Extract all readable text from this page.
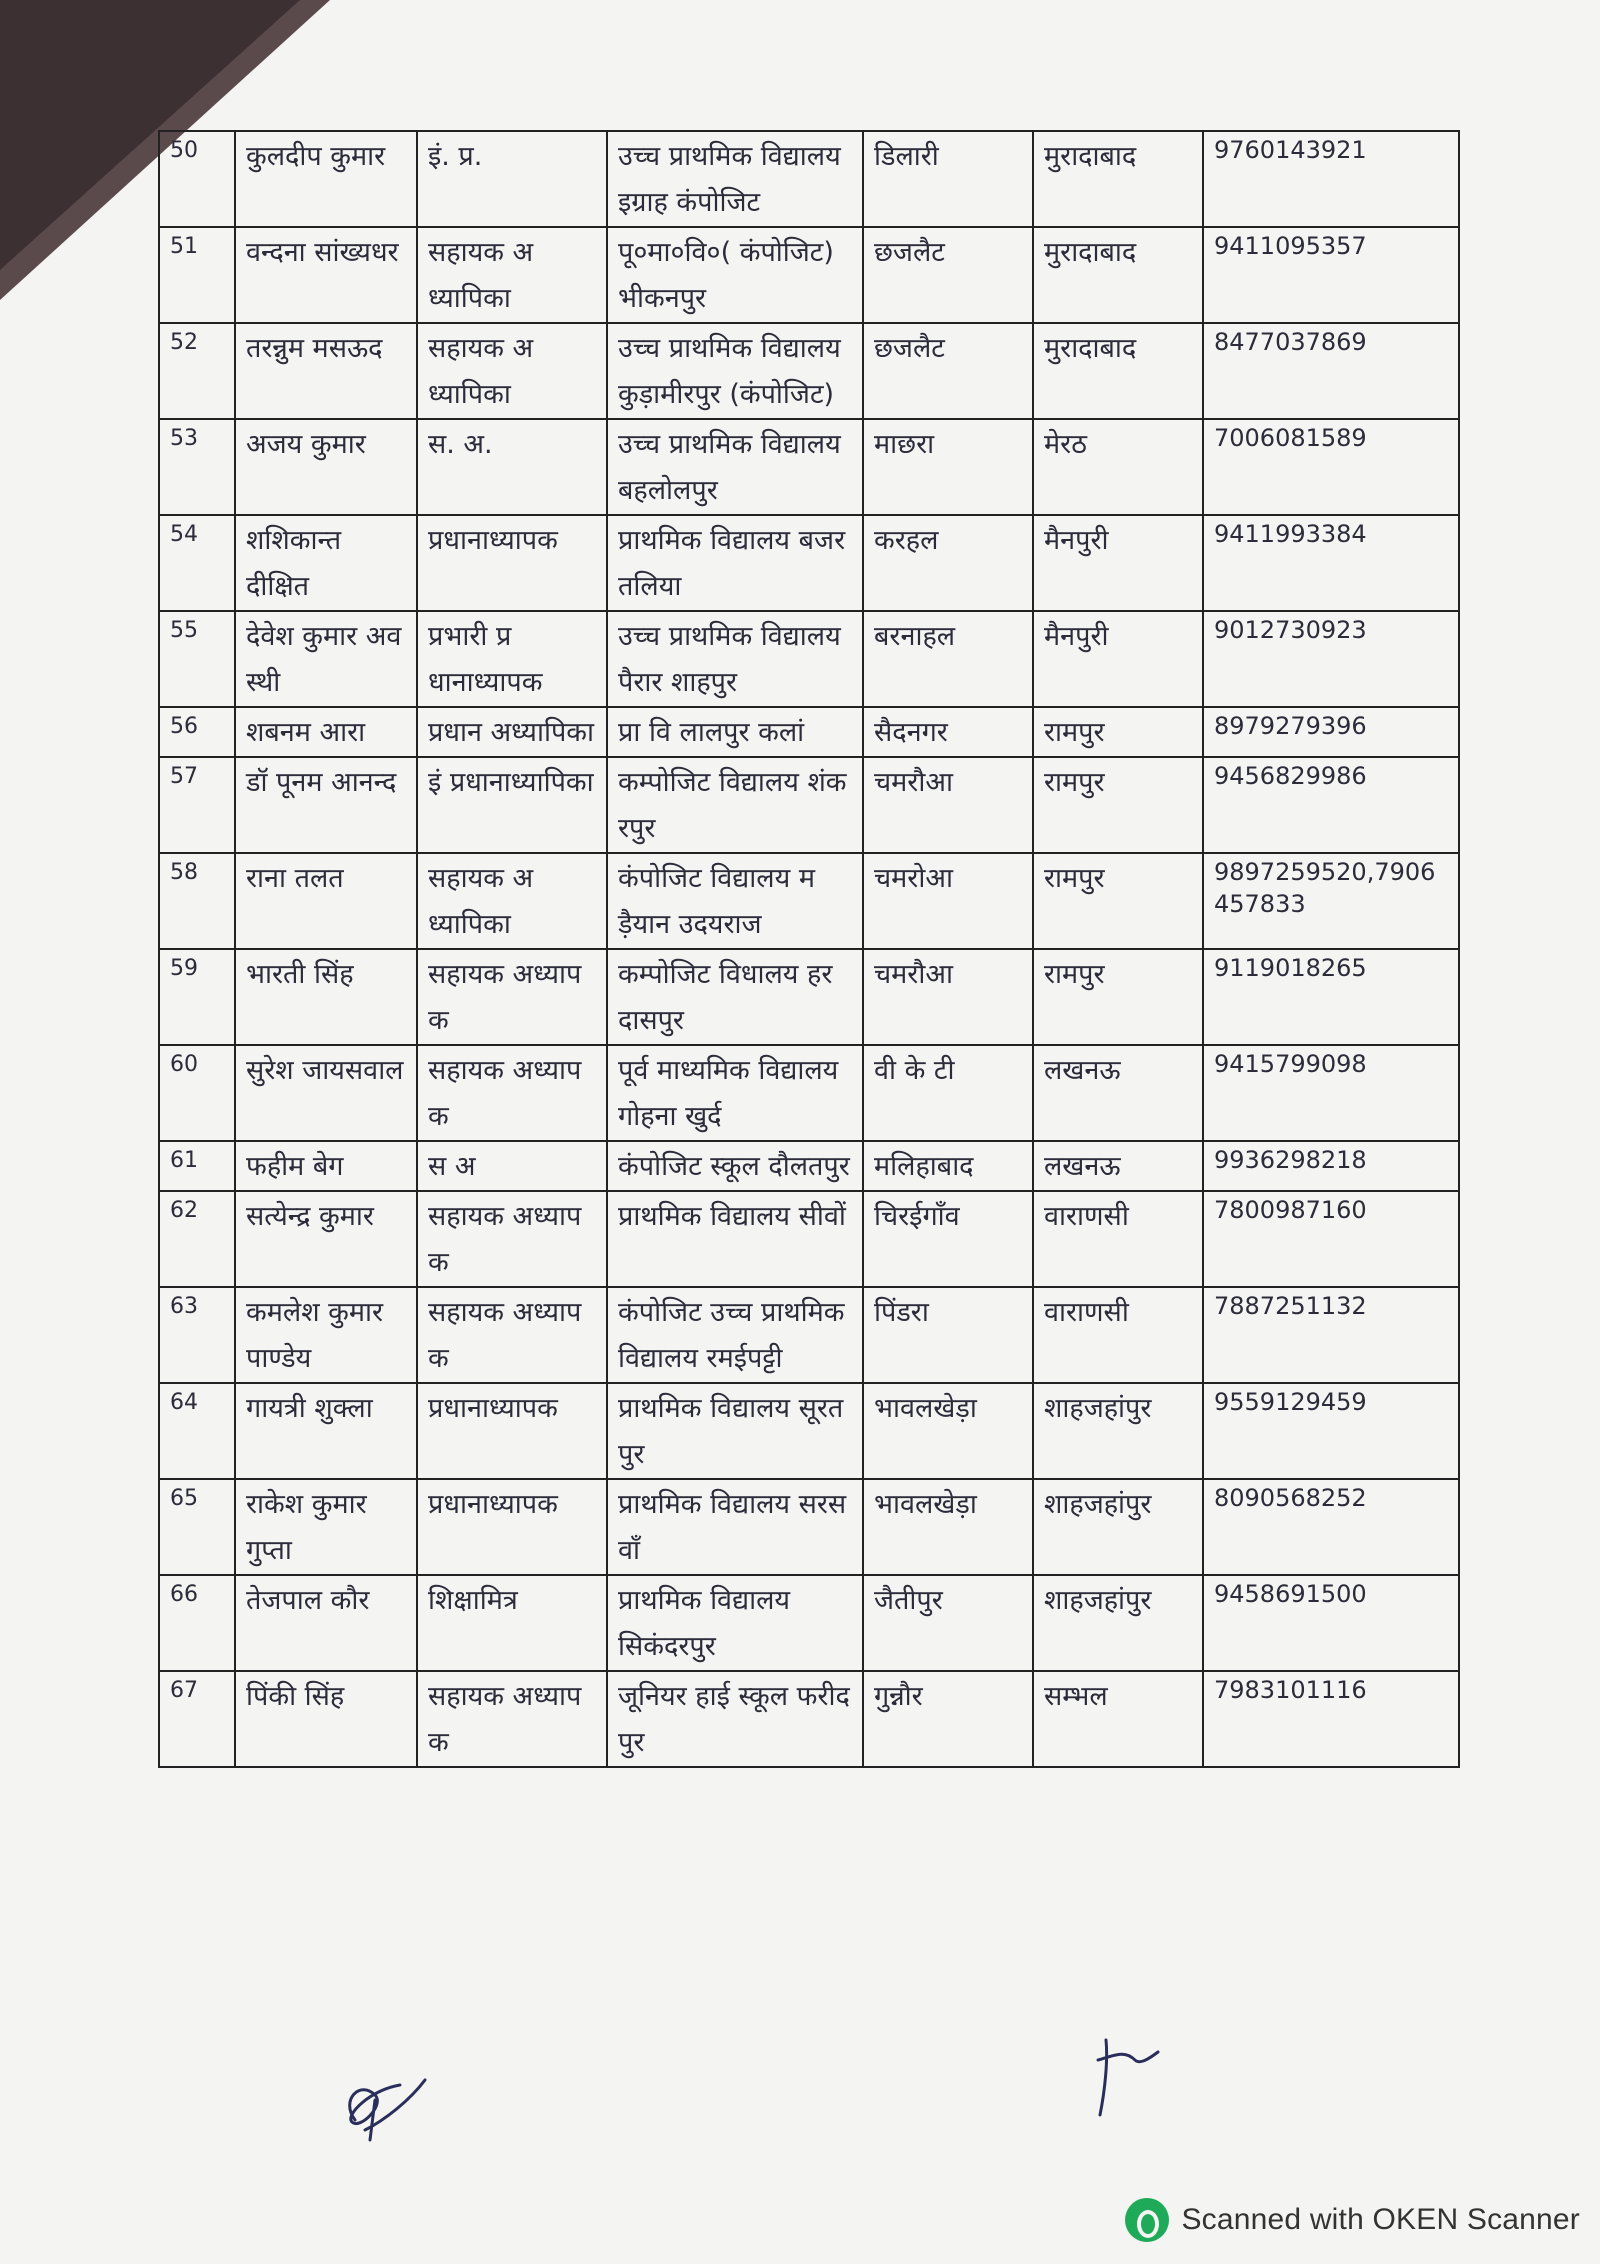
50	कुलदीप कुमार	इं. प्र.	उच्च प्राथमिक विद्यालय इग्राह कंपोजिट	डिलारी	मुरादाबाद	9760143921
51	वन्दना सांख्यधर	सहायक अध्यापिका	पू०मा०वि०( कंपोजिट) भीकनपुर	छजलैट	मुरादाबाद	9411095357
52	तरन्नुम मसऊद	सहायक अध्यापिका	उच्च प्राथमिक विद्यालय कुड़ामीरपुर (कंपोजिट)	छजलैट	मुरादाबाद	8477037869
53	अजय कुमार	स. अ.	उच्च प्राथमिक विद्यालय बहलोलपुर	माछरा	मेरठ	7006081589
54	शशिकान्त दीक्षित	प्रधानाध्यापक	प्राथमिक विद्यालय बजरतलिया	करहल	मैनपुरी	9411993384
55	देवेश कुमार अवस्थी	प्रभारी प्रधानाध्यापक	उच्च प्राथमिक विद्यालय पैरार शाहपुर	बरनाहल	मैनपुरी	9012730923
56	शबनम आरा	प्रधान अध्यापिका	प्रा वि लालपुर कलां	सैदनगर	रामपुर	8979279396
57	डॉ पूनम आनन्द	इं प्रधानाध्यापिका	कम्पोजिट विद्यालय शंकरपुर	चमरौआ	रामपुर	9456829986
58	राना तलत	सहायक अध्यापिका	कंपोजिट विद्यालय मड़ैयान उदयराज	चमरोआ	रामपुर	9897259520,7906457833
59	भारती सिंह	सहायक अध्यापक	कम्पोजिट विधालय हरदासपुर	चमरौआ	रामपुर	9119018265
60	सुरेश जायसवाल	सहायक अध्यापक	पूर्व माध्यमिक विद्यालय गोहना खुर्द	वी के टी	लखनऊ	9415799098
61	फहीम बेग	स अ	कंपोजिट स्कूल दौलतपुर	मलिहाबाद	लखनऊ	9936298218
62	सत्येन्द्र कुमार	सहायक अध्यापक	प्राथमिक विद्यालय सीवों	चिरईगाँव	वाराणसी	7800987160
63	कमलेश कुमार पाण्डेय	सहायक अध्यापक	कंपोजिट उच्च प्राथमिक विद्यालय रमईपट्टी	पिंडरा	वाराणसी	7887251132
64	गायत्री शुक्ला	प्रधानाध्यापक	प्राथमिक विद्यालय सूरतपुर	भावलखेड़ा	शाहजहांपुर	9559129459
65	राकेश कुमार गुप्ता	प्रधानाध्यापक	प्राथमिक विद्यालय सरसवाँ	भावलखेड़ा	शाहजहांपुर	8090568252
66	तेजपाल कौर	शिक्षामित्र	प्राथमिक विद्यालय सिकंदरपुर	जैतीपुर	शाहजहांपुर	9458691500
67	पिंकी सिंह	सहायक अध्यापक	जूनियर हाई स्कूल फरीदपुर	गुन्नौर	सम्भल	7983101116
Scanned with OKEN Scanner
